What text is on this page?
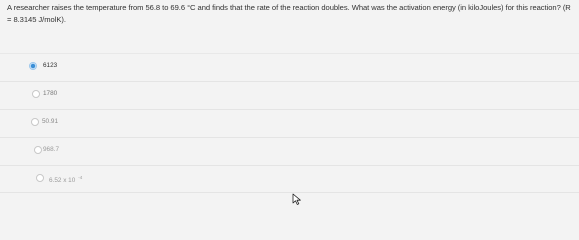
A researcher raises the temperature from 56.8 to 69.6 °C and finds that the rate of the reaction doubles. What was the activation energy (in kiloJoules) for this reaction? (R = 8.3145 J/molK).
6123
1780
50.91
968.7
6.52 x 10 $^{-4}$
